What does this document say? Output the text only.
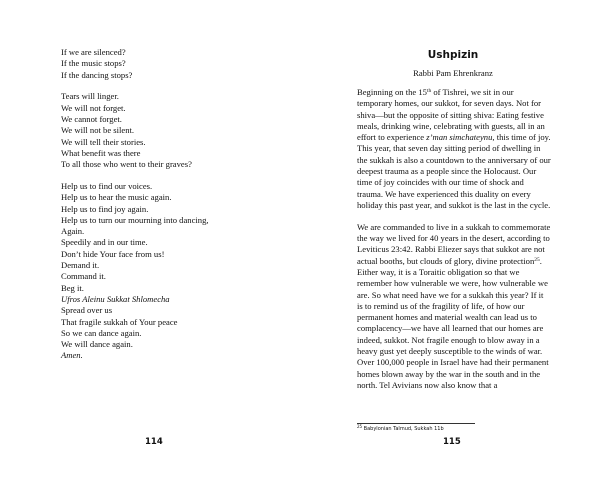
If we are silenced?
If the music stops?
If the dancing stops?
Tears will linger.
We will not forget.
We cannot forget.
We will not be silent.
We will tell their stories.
What benefit was there
To all those who went to their graves?
Help us to find our voices.
Help us to hear the music again.
Help us to find joy again.
Help us to turn our mourning into dancing,
Again.
Speedily and in our time.
Don’t hide Your face from us!
Demand it.
Command it.
Beg it.
Ufros Aleinu Sukkat Shlomecha
Spread over us
That fragile sukkah of Your peace
So we can dance again.
We will dance again.
Amen.
114
Ushpizin
Rabbi Pam Ehrenkranz

Beginning on the 15th of Tishrei, we sit in our temporary homes, our sukkot, for seven days. Not for shiva—but the opposite of sitting shiva: Eating festive meals, drinking wine, celebrating with guests, all in an effort to experience z’man simchateynu, this time of joy. This year, that seven day sitting period of dwelling in the sukkah is also a countdown to the anniversary of our deepest trauma as a people since the Holocaust. Our time of joy coincides with our time of shock and trauma. We have experienced this duality on every holiday this past year, and sukkot is the last in the cycle.

We are commanded to live in a sukkah to commemorate the way we lived for 40 years in the desert, according to Leviticus 23:42. Rabbi Eliezer says that sukkot are not actual booths, but clouds of glory, divine protection$^{25}$. Either way, it is a Toraitic obligation so that we remember how vulnerable we were, how vulnerable we are. So what need have we for a sukkah this year? If it is to remind us of the fragility of life, of how our permanent homes and material wealth can lead us to complacency—we have all learned that our homes are indeed, sukkot. Not fragile enough to blow away in a heavy gust yet deeply susceptible to the winds of war. Over 100,000 people in Israel have had their permanent homes blown away by the war in the south and in the north. Tel Avivians now also know that a

$^{25}$ Babylonian Talmud, Sukkah 11b
115
